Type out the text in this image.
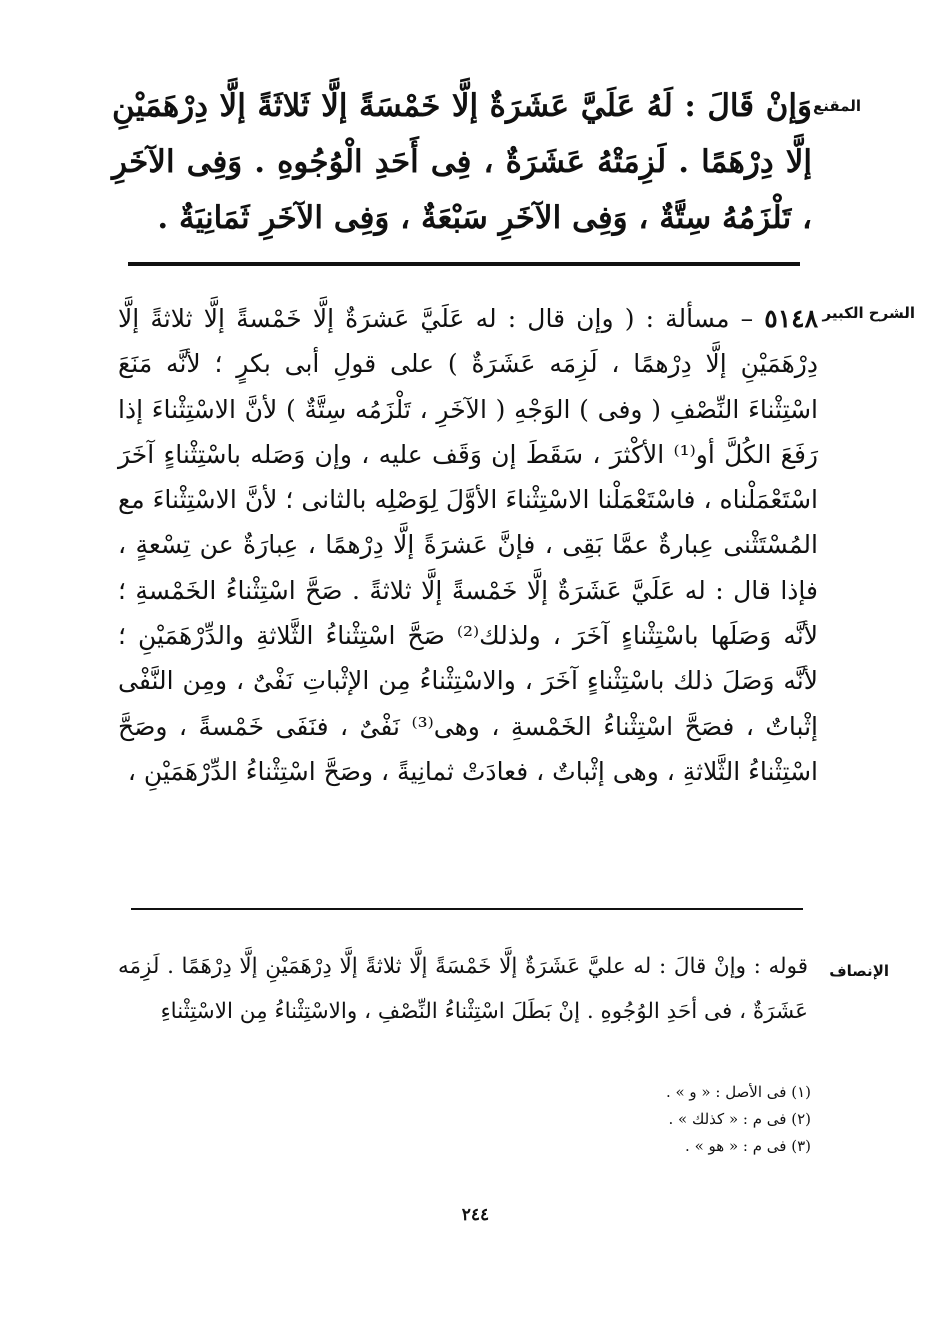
المقنع

وَإنْ قَالَ : لَهُ عَلَيَّ عَشَرَةٌ إلَّا خَمْسَةً إلَّا ثَلاثَةً إلَّا دِرْهَمَيْنِ إلَّا دِرْهَمًا . لَزِمَتْهُ عَشَرَةٌ ، فِى أَحَدِ الْوُجُوهِ . وَفِى الآخَرِ ، تَلْزَمُهُ سِتَّةٌ ، وَفِى الآخَرِ سَبْعَةٌ ، وَفِى الآخَرِ ثَمَانِيَةٌ .

الشرح الكبير

٥١٤٨ – مسألة : ( وإن قال : له عَلَيَّ عَشرَةٌ إلَّا خَمْسةً إلَّا ثلاثةً إلَّا دِرْهَمَيْنِ إلَّا دِرْهمًا ، لَزِمَه عَشَرَةٌ ) على قولِ أبى بكرٍ ؛ لأنَّه مَنَعَ اسْتِثْناءَ النِّصْفِ ( وفى ) الوَجْهِ ( الآخَرِ ، تَلْزَمُه سِتَّةٌ ) لأنَّ الاسْتِثْناءَ إذا رَفَعَ الكُلَّ أو⁽¹⁾ الأكْثرَ ، سَقَطَ إن وَقَف عليه ، وإن وَصَله باسْتِثْناءٍ آخَرَ اسْتَعْمَلْناه ، فاسْتَعْمَلْنا الاسْتِثْناءَ الأوَّلَ لِوَصْلِه بالثانى ؛ لأنَّ الاسْتِثْناءَ مع المُسْتَثْنى عِبارةٌ عمَّا بَقِى ، فإنَّ عَشرَةً إلَّا دِرْهمًا ، عِبارَةٌ عن تِسْعةٍ ، فإذا قال : له عَلَيَّ عَشَرَةٌ إلَّا خَمْسةً إلَّا ثلاثةً . صَحَّ اسْتِثْناءُ الخَمْسةِ ؛ لأنَّه وَصَلَها باسْتِثْناءٍ آخَرَ ، ولذلك⁽²⁾ صَحَّ اسْتِثْناءُ الثَّلاثةِ والدِّرْهَمَيْنِ ؛ لأنَّه وَصَلَ ذلك باسْتِثْناءٍ آخَرَ ، والاسْتِثْناءُ مِن الإثْباتِ نَفْىٌ ، ومِن النَّفْى إثْباتٌ ، فصَحَّ اسْتِثْناءُ الخَمْسةِ ، وهى⁽³⁾ نَفْىٌ ، فنَفَى خَمْسةً ، وصَحَّ اسْتِثْناءُ الثَّلاثةِ ، وهى إثْباتٌ ، فعادَتْ ثمانِيةً ، وصَحَّ اسْتِثْناءُ الدِّرْهَمَيْنِ ،

الإنصاف

قوله : وإنْ قالَ : له عليَّ عَشَرَةٌ إلَّا خَمْسَةً إلَّا ثلاثةً إلَّا دِرْهَمَيْنِ إلَّا دِرْهَمًا . لَزِمَه عَشَرَةٌ ، فى أحَدِ الوُجُوهِ . إنْ بَطَلَ اسْتِثْناءُ النِّصْفِ ، والاسْتِثْناءُ مِن الاسْتِثْناءِ

(١) فى الأصل : « و » .
(٢) فى م : « كذلك » .
(٣) فى م : « هو » .
٢٤٤
